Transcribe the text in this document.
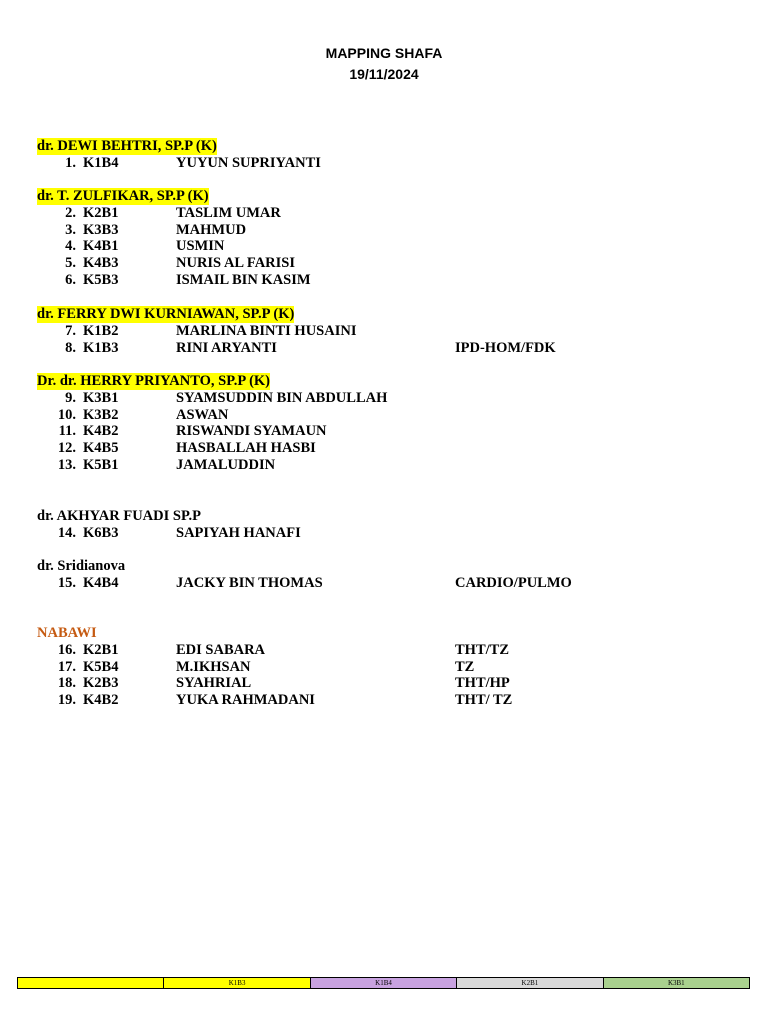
MAPPING SHAFA
19/11/2024
dr. DEWI BEHTRI, SP.P (K)
1. K1B4	YUYUN SUPRIYANTI
dr. T. ZULFIKAR, SP.P (K)
2. K2B1	TASLIM UMAR
3. K3B3	MAHMUD
4. K4B1	USMIN
5. K4B3	NURIS AL FARISI
6. K5B3	ISMAIL BIN KASIM
dr. FERRY DWI KURNIAWAN, SP.P (K)
7. K1B2	MARLINA BINTI HUSAINI
8. K1B3	RINI ARYANTI	IPD-HOM/FDK
Dr. dr. HERRY PRIYANTO, SP.P (K)
9. K3B1	SYAMSUDDIN BIN ABDULLAH
10. K3B2	ASWAN
11. K4B2	RISWANDI SYAMAUN
12. K4B5	HASBALLAH HASBI
13. K5B1	JAMALUDDIN
dr. AKHYAR FUADI SP.P
14. K6B3	SAPIYAH HANAFI
dr. Sridianova
15. K4B4	JACKY BIN THOMAS	CARDIO/PULMO
NABAWI
16. K2B1	EDI SABARA	THT/TZ
17. K5B4	M.IKHSAN	TZ
18. K2B3	SYAHRIAL	THT/HP
19. K4B2	YUKA RAHMADANI	THT/ TZ
K1B3	K1B4	K2B1	K3B1
